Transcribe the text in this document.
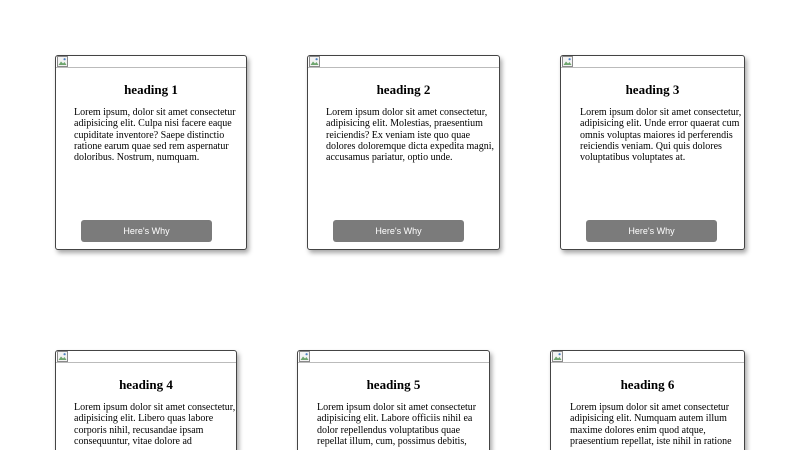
heading 1

Lorem ipsum, dolor sit amet consectetur adipisicing elit. Culpa nisi facere eaque cupiditate inventore? Saepe distinctio ratione earum quae sed rem aspernatur doloribus. Nostrum, numquam.

Here's Why
heading 2

Lorem ipsum dolor sit amet consectetur, adipisicing elit. Molestias, praesentium reiciendis? Ex veniam iste quo quae dolores doloremque dicta expedita magni, accusamus pariatur, optio unde.

Here's Why
heading 3

Lorem ipsum dolor sit amet consectetur, adipisicing elit. Unde error quaerat cum omnis voluptas maiores id perferendis reiciendis veniam. Qui quis dolores voluptatibus voluptates at.

Here's Why
heading 4

Lorem ipsum dolor sit amet consectetur, adipisicing elit. Libero quas labore corporis nihil, recusandae ipsam consequuntur, vitae dolore ad

heading 5

Lorem ipsum dolor sit amet consectetur adipisicing elit. Labore officiis nihil ea dolor repellendus voluptatibus quae repellat illum, cum, possimus debitis,

heading 6

Lorem ipsum dolor sit amet consectetur adipisicing elit. Numquam autem illum maxime dolores enim quod atque, praesentium repellat, iste nihil in ratione
